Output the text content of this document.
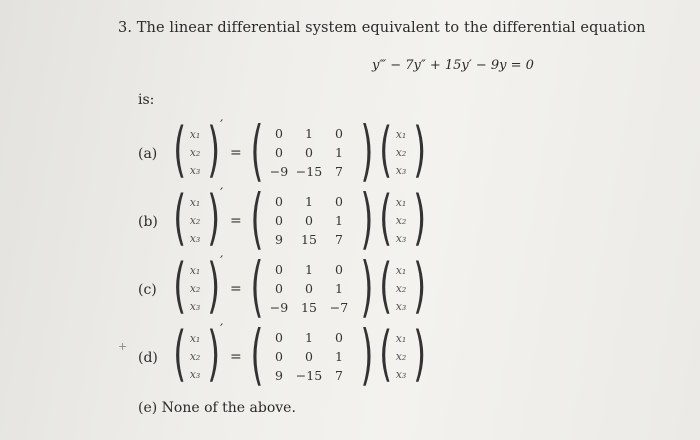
3. The linear differential system equivalent to the differential equation
y‴ − 7y″ + 15y′ − 9y = 0
is:
+
(a) ( )
x₁
x₂
x₃
′
= ( )
0	1	0
0	0	1
−9 −15	7 ( )
x₁
x₂
x₃
(b) ( )
x₁
x₂
x₃
′
= ( )
0	1	0
0	0	1
9	15	7 ( )
x₁
x₂
x₃
(c) ( )
x₁
x₂
x₃
′
= ( )
0	1	0
0	0	1
−9	15	−7 ( )
x₁
x₂
x₃
(d) ( )
x₁
x₂
x₃
′
= ( )
0	1	0
0	0	1
9	−15	7 ( )
x₁
x₂
x₃
(e) None of the above.
